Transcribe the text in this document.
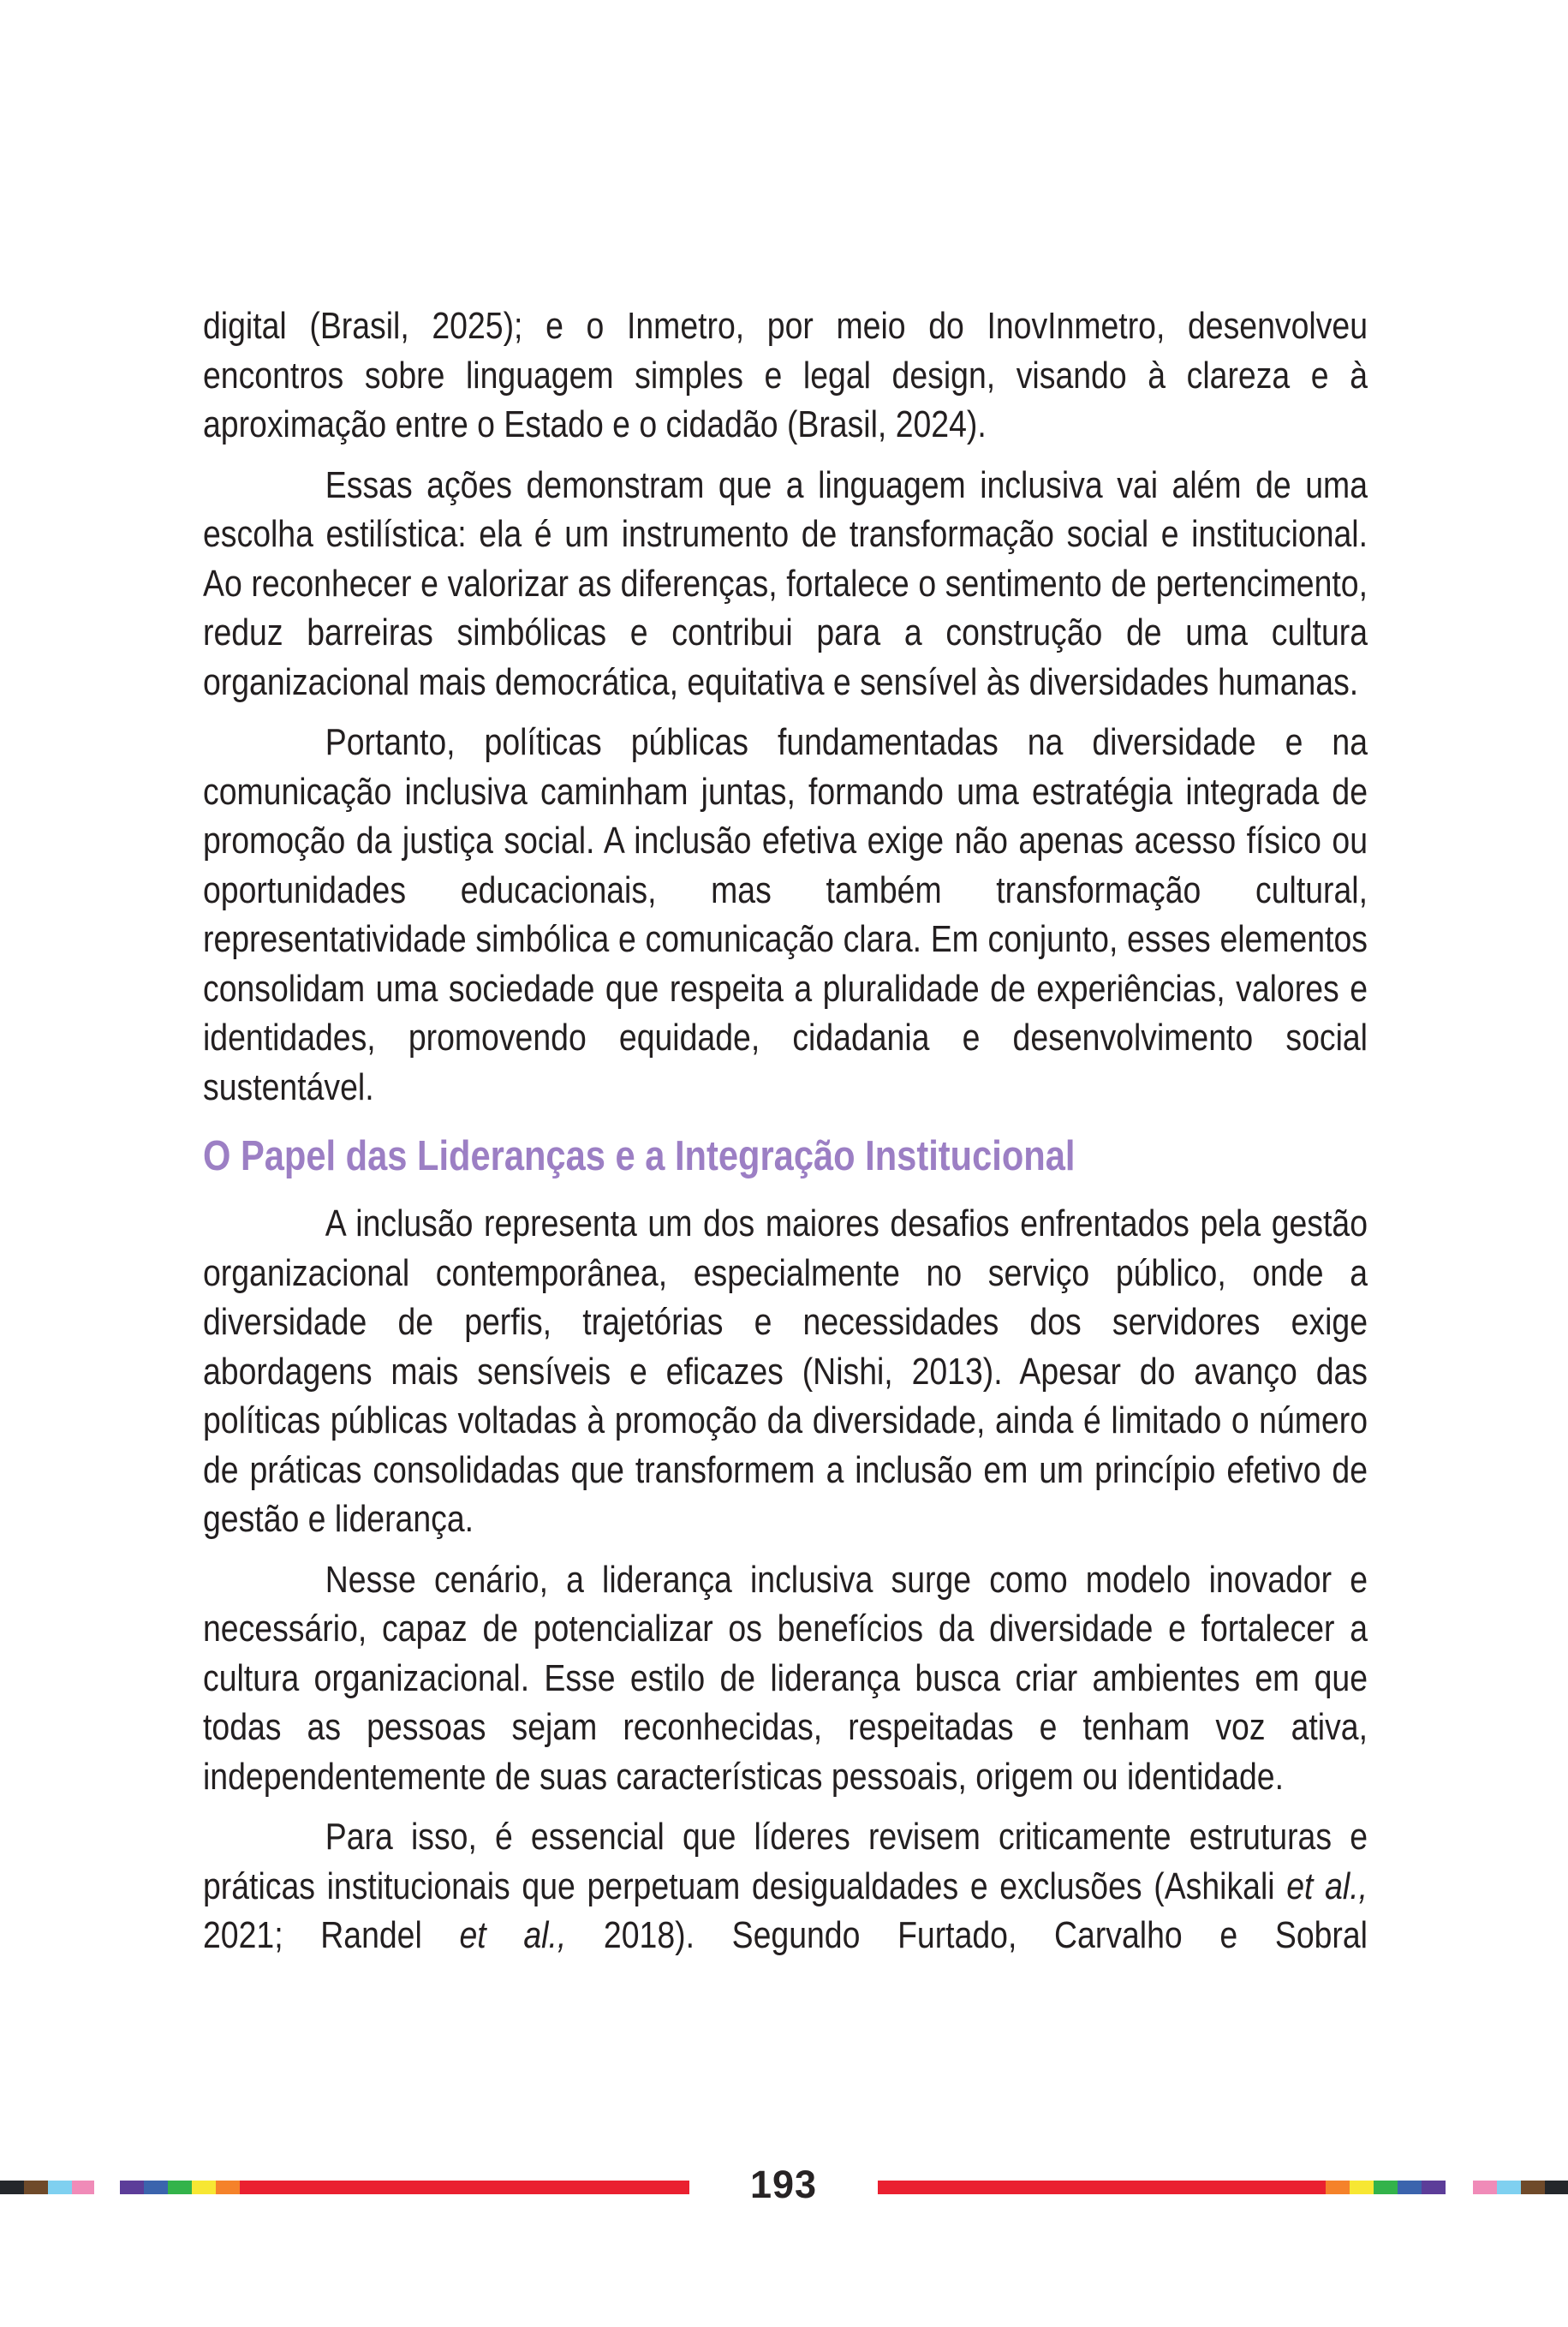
digital (Brasil, 2025); e o Inmetro, por meio do InovInmetro, desenvolveu encontros sobre linguagem simples e legal design, visando à clareza e à aproximação entre o Estado e o cidadão (Brasil, 2024).

Essas ações demonstram que a linguagem inclusiva vai além de uma escolha estilística: ela é um instrumento de transformação social e institucional. Ao reconhecer e valorizar as diferenças, fortalece o sentimento de pertencimento, reduz barreiras simbólicas e contribui para a construção de uma cultura organizacional mais democrática, equitativa e sensível às diversidades humanas.

Portanto, políticas públicas fundamentadas na diversidade e na comunicação inclusiva caminham juntas, formando uma estratégia integrada de promoção da justiça social. A inclusão efetiva exige não apenas acesso físico ou oportunidades educacionais, mas também transformação cultural, representatividade simbólica e comunicação clara. Em conjunto, esses elementos consolidam uma sociedade que respeita a pluralidade de experiências, valores e identidades, promovendo equidade, cidadania e desenvolvimento social sustentável.

O Papel das Lideranças e a Integração Institucional

A inclusão representa um dos maiores desafios enfrentados pela gestão organizacional contemporânea, especialmente no serviço público, onde a diversidade de perfis, trajetórias e necessidades dos servidores exige abordagens mais sensíveis e eficazes (Nishi, 2013). Apesar do avanço das políticas públicas voltadas à promoção da diversidade, ainda é limitado o número de práticas consolidadas que transformem a inclusão em um princípio efetivo de gestão e liderança.

Nesse cenário, a liderança inclusiva surge como modelo inovador e necessário, capaz de potencializar os benefícios da diversidade e fortalecer a cultura organizacional. Esse estilo de liderança busca criar ambientes em que todas as pessoas sejam reconhecidas, respeitadas e tenham voz ativa, independentemente de suas características pessoais, origem ou identidade.

Para isso, é essencial que líderes revisem criticamente estruturas e práticas institucionais que perpetuam desigualdades e exclusões (Ashikali et al., 2021; Randel et al., 2018). Segundo Furtado, Carvalho e Sobral

193
